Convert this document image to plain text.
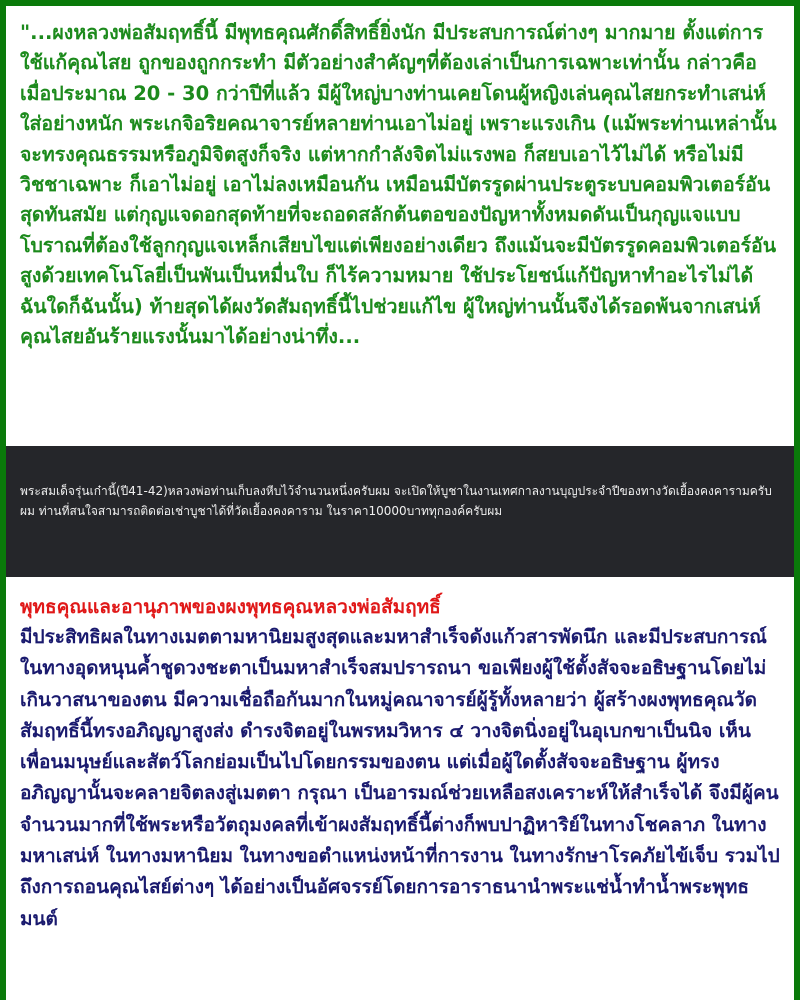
"...ผงหลวงพ่อสัมฤทธิ์นี้ มีพุทธคุณศักดิ์สิทธิ์ยิ่งนัก มีประสบการณ์ต่างๆ มากมาย ตั้งแต่การใช้แก้คุณไสย ถูกของถูกกระทำ มีตัวอย่างสำคัญๆที่ต้องเล่าเป็นการเฉพาะเท่านั้น กล่าวคือเมื่อประมาณ 20 - 30 กว่าปีที่แล้ว มีผู้ใหญ่บางท่านเคยโดนผู้หญิงเล่นคุณไสยกระทำเสน่ห์ใส่อย่างหนัก พระเกจิอริยคณาจารย์หลายท่านเอาไม่อยู่ เพราะแรงเกิน (แม้พระท่านเหล่านั้นจะทรงคุณธรรมหรือภูมิจิตสูงก็จริง แต่หากกำลังจิตไม่แรงพอ ก็สยบเอาไว้ไม่ได้ หรือไม่มีวิชชาเฉพาะ ก็เอาไม่อยู่ เอาไม่ลงเหมือนกัน เหมือนมีบัตรรูดผ่านประตูระบบคอมพิวเตอร์อันสุดทันสมัย แต่กุญแจดอกสุดท้ายที่จะถอดสลักต้นตอของปัญหาทั้งหมดดันเป็นกุญแจแบบโบราณที่ต้องใช้ลูกกุญแจเหล็กเสียบไขแต่เพียงอย่างเดียว ถึงแม้นจะมีบัตรรูดคอมพิวเตอร์อันสูงด้วยเทคโนโลยี่เป็นพันเป็นหมื่นใบ ก็ไร้ความหมาย ใช้ประโยชน์แก้ปัญหาทำอะไรไม่ได้ ฉันใดก็ฉันนั้น) ท้ายสุดได้ผงวัดสัมฤทธิ์นี้ไปช่วยแก้ไข ผู้ใหญ่ท่านนั้นจึงได้รอดพ้นจากเสน่ห์คุณไสยอันร้ายแรงนั้นมาได้อย่างน่าทึ่ง...

พระสมเด็จรุ่นเก๋านี้(ปี41-42)หลวงพ่อท่านเก็บลงหีบไว้จำนวนหนึ่งครับผม จะเปิดให้บูชาในงานเทศกาลงานบุญประจำปีของทางวัดเยื้องคงคารามครับผม ท่านที่สนใจสามารถติดต่อเช่าบูชาได้ที่วัดเยื้องคงคาราม ในราคา10000บาททุกองค์ครับผม

พุทธคุณและอานุภาพของผงพุทธคุณหลวงพ่อสัมฤทธิ์

มีประสิทธิผลในทางเมตตามหานิยมสูงสุดและมหาสำเร็จดังแก้วสารพัดนึก และมีประสบการณ์ในทางอุดหนุนค้ำชูดวงชะตาเป็นมหาสำเร็จสมปรารถนา ขอเพียงผู้ใช้ตั้งสัจจะอธิษฐานโดยไม่เกินวาสนาของตน มีความเชื่อถือกันมากในหมู่คณาจารย์ผู้รู้ทั้งหลายว่า ผู้สร้างผงพุทธคุณวัดสัมฤทธิ์นี้ทรงอภิญญาสูงส่ง ดำรงจิตอยู่ในพรหมวิหาร ๔ วางจิตนิ่งอยู่ในอุเบกขาเป็นนิจ เห็นเพื่อนมนุษย์และสัตว์โลกย่อมเป็นไปโดยกรรมของตน แต่เมื่อผู้ใดตั้งสัจจะอธิษฐาน ผู้ทรงอภิญญานั้นจะคลายจิตลงสู่เมตตา กรุณา เป็นอารมณ์ช่วยเหลือสงเคราะห์ให้สำเร็จได้ จึงมีผู้คนจำนวนมากที่ใช้พระหรือวัตถุมงคลที่เข้าผงสัมฤทธิ์นี้ต่างก็พบปาฏิหาริย์ในทางโชคลาภ ในทางมหาเสน่ห์ ในทางมหานิยม ในทางขอตำแหน่งหน้าที่การงาน ในทางรักษาโรคภัยไข้เจ็บ รวมไปถึงการถอนคุณไสย์ต่างๆ ได้อย่างเป็นอัศจรรย์โดยการอาราธนานำพระแช่น้ำทำน้ำพระพุทธมนต์
